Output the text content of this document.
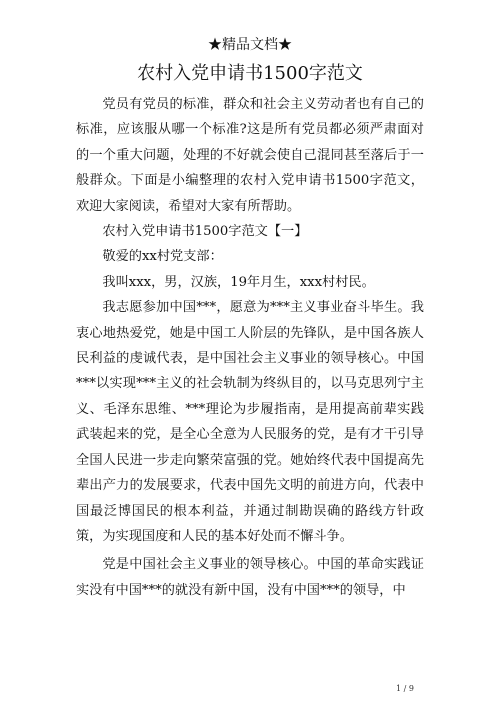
★精品文档★
农村入党申请书1500字范文

党员有党员的标准，群众和社会主义劳动者也有自己的标准，应该服从哪一个标准?这是所有党员都必须严肃面对的一个重大问题，处理的不好就会使自己混同甚至落后于一般群众。下面是小编整理的农村入党申请书1500字范文，欢迎大家阅读，希望对大家有所帮助。

农村入党申请书1500字范文【一】

敬爱的xx村党支部：

我叫xxx，男，汉族，19年月生，xxx村村民。

我志愿参加中国***，愿意为***主义事业奋斗毕生。我衷心地热爱党，她是中国工人阶层的先锋队，是中国各族人民利益的虔诚代表，是中国社会主义事业的领导核心。中国***以实现***主义的社会轨制为终纵目的，以马克思列宁主义、毛泽东思维、***理论为步履指南，是用提高前辈实践武装起来的党，是全心全意为人民服务的党，是有才干引导全国人民进一步走向繁荣富强的党。她始终代表中国提高先辈出产力的发展要求，代表中国先文明的前进方向，代表中国最泛博国民的根本利益，并通过制勘误确的路线方针政策，为实现国度和人民的基本好处而不懈斗争。

党是中国社会主义事业的领导核心。中国的革命实践证实没有中国***的就没有新中国，没有中国***的领导，中

1 / 9
